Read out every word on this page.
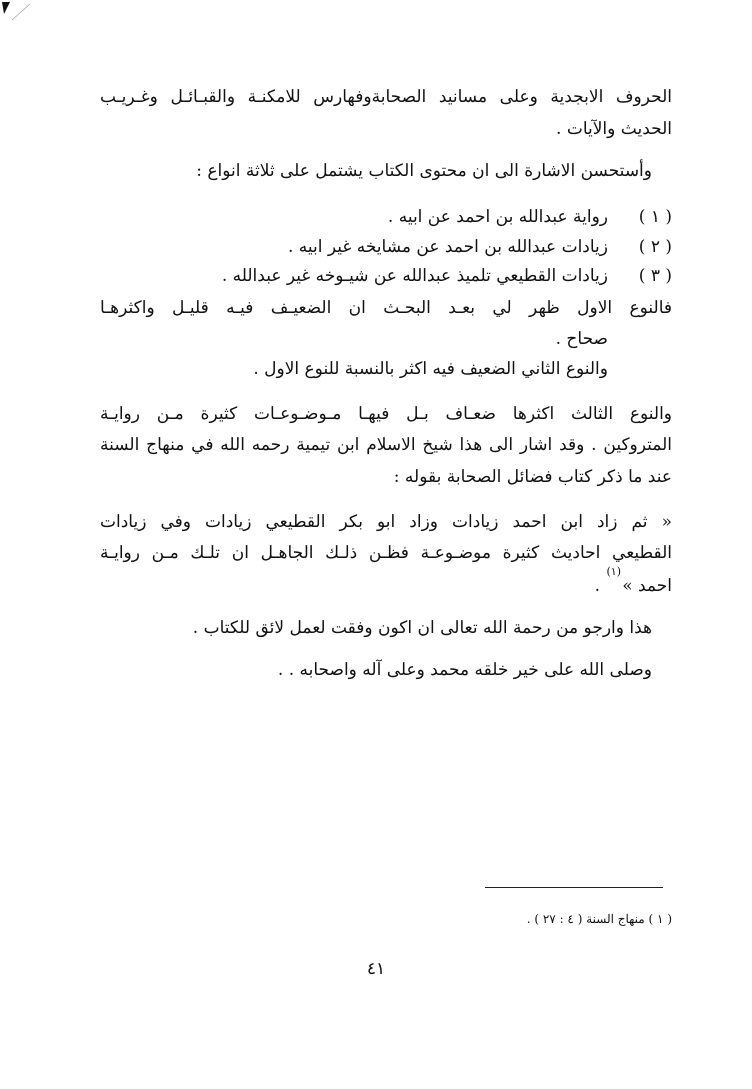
الحروف الابجدية وعلى مسانيد الصحابةوفهارس للامكنـة والقبـائـل وغـريـب
الحديث والآيات .
وأستحسن الاشارة الى ان محتوى الكتاب يشتمل على ثلاثة انواع :
( ١ )
رواية عبدالله بن احمد عن ابيه .
( ٢ )
زيادات عبدالله بن احمد عن مشايخه غير ابيه .
( ٣ )
زيادات القطيعي تلميذ عبدالله عن شيـوخه غير عبدالله .
فالنوع الاول ظهر لي بعـد البحـث ان الضعيـف فيـه قليـل واكثرهـا
صحاح .
والنوع الثاني الضعيف فيه اكثر بالنسبة للنوع الاول .
والنوع الثالث اكثرها ضعـاف بـل فيهـا مـوضـوعـات كثيرة مـن روايـة
المتروكين . وقد اشار الى هذا شيخ الاسلام ابن تيمية رحمه الله في منهاج السنة
عند ما ذكر كتاب فضائل الصحابة بقوله :
« ثم زاد ابن احمد زيادات وزاد ابو بكر القطيعي زيادات وفي زيادات
القطيعي احاديث كثيرة موضـوعـة فظـن ذلـك الجاهـل ان تلـك مـن روايـة
احمد »
(١)
.
هذا وارجو من رحمة الله تعالى ان اكون وفقت لعمل لائق للكتاب .
وصلى الله على خير خلقه محمد وعلى آله واصحابه . .
( ١ ) منهاج السنة ( ٤ : ٢٧ ) .
٤١
